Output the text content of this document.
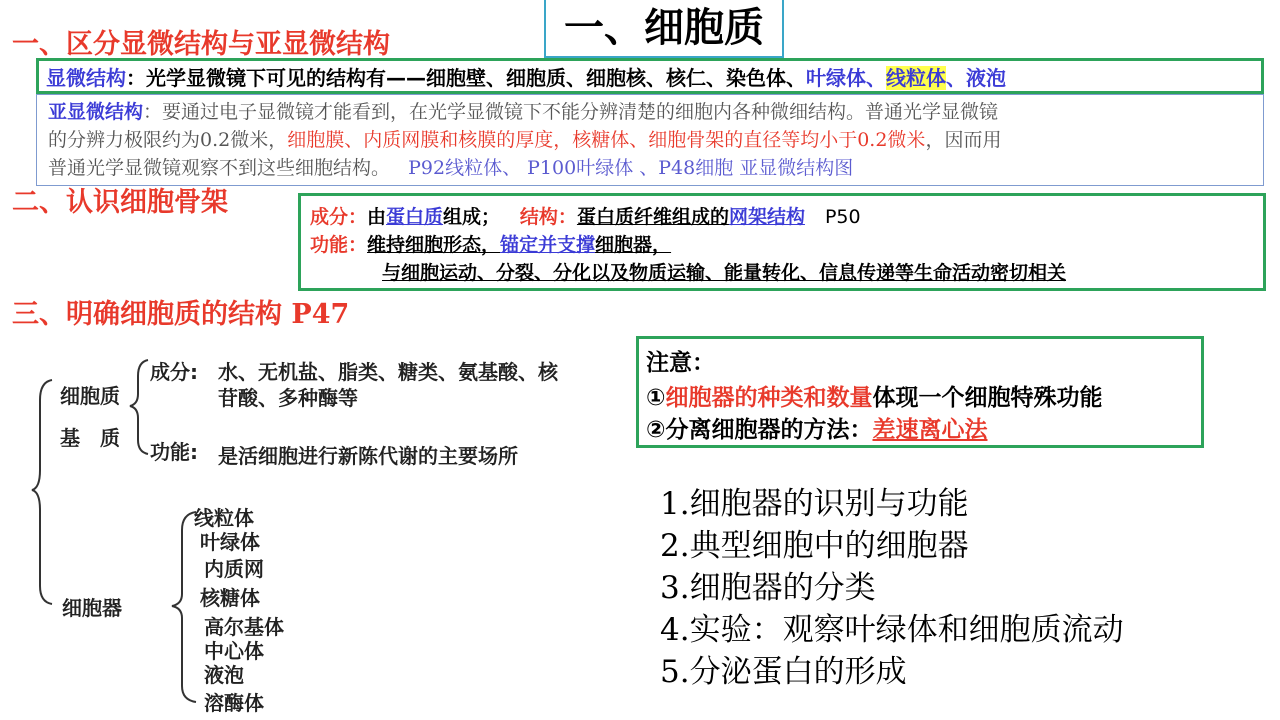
一、细胞质
一、区分显微结构与亚显微结构
显微结构：光学显微镜下可见的结构有——细胞壁、细胞质、细胞核、核仁、染色体、叶绿体、线粒体、液泡
亚显微结构：要通过电子显微镜才能看到，在光学显微镜下不能分辨清楚的细胞内各种微细结构。普通光学显微镜
的分辨力极限约为0.2微米，细胞膜、内质网膜和核膜的厚度，核糖体、细胞骨架的直径等均小于0.2微米，因而用
普通光学显微镜观察不到这些细胞结构。 P92线粒体、 P100叶绿体 、P48细胞 亚显微结构图
二、认识细胞骨架	成分：由蛋白质组成； 结构：蛋白质纤维组成的网架结构 P50
功能：维持细胞形态，锚定并支撑细胞器，
与细胞运动、分裂、分化以及物质运输、能量转化、信息传递等生命活动密切相关
三、明确细胞质的结构 P47
细胞质
基　质
成分: 水、无机盐、脂类、糖类、氨基酸、核
苷酸、多种酶等
功能: 是活细胞进行新陈代谢的主要场所
细胞器
线粒体
叶绿体
内质网
核糖体
高尔基体
中心体
液泡
溶酶体
注意：
①细胞器的种类和数量体现一个细胞特殊功能
②分离细胞器的方法：差速离心法
1.细胞器的识别与功能
2.典型细胞中的细胞器
3.细胞器的分类
4.实验：观察叶绿体和细胞质流动
5.分泌蛋白的形成
